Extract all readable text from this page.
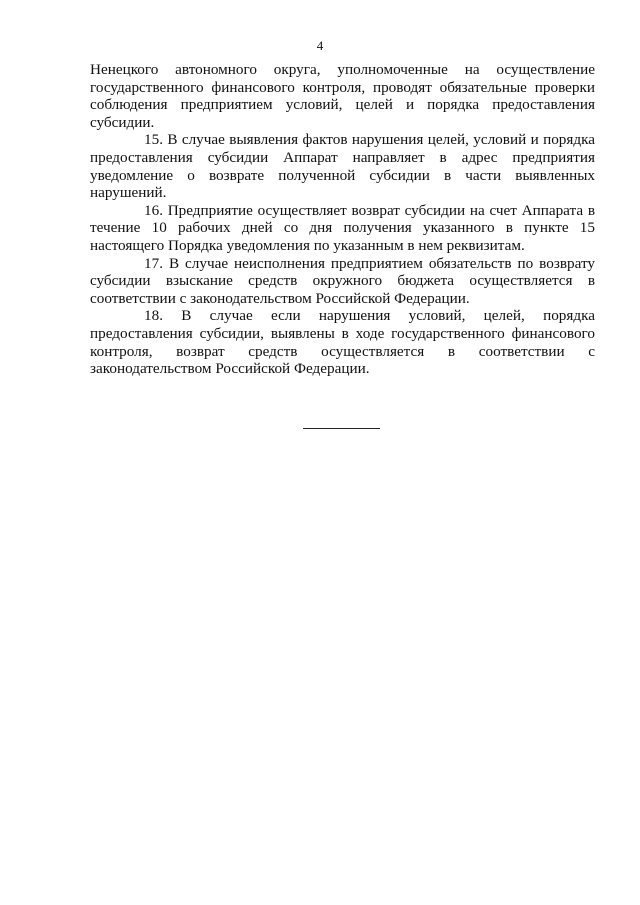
4

Ненецкого автономного округа, уполномоченные на осуществление государственного финансового контроля, проводят обязательные проверки соблюдения предприятием условий, целей и порядка предоставления субсидии.

15. В случае выявления фактов нарушения целей, условий и порядка предоставления субсидии Аппарат направляет в адрес предприятия уведомление о возврате полученной субсидии в части выявленных нарушений.

16. Предприятие осуществляет возврат субсидии на счет Аппарата в течение 10 рабочих дней со дня получения указанного в пункте 15 настоящего Порядка уведомления по указанным в нем реквизитам.

17. В случае неисполнения предприятием обязательств по возврату субсидии взыскание средств окружного бюджета осуществляется в соответствии с законодательством Российской Федерации.

18. В случае если нарушения условий, целей, порядка предоставления субсидии, выявлены в ходе государственного финансового контроля, возврат средств осуществляется в соответствии с законодательством Российской Федерации.
